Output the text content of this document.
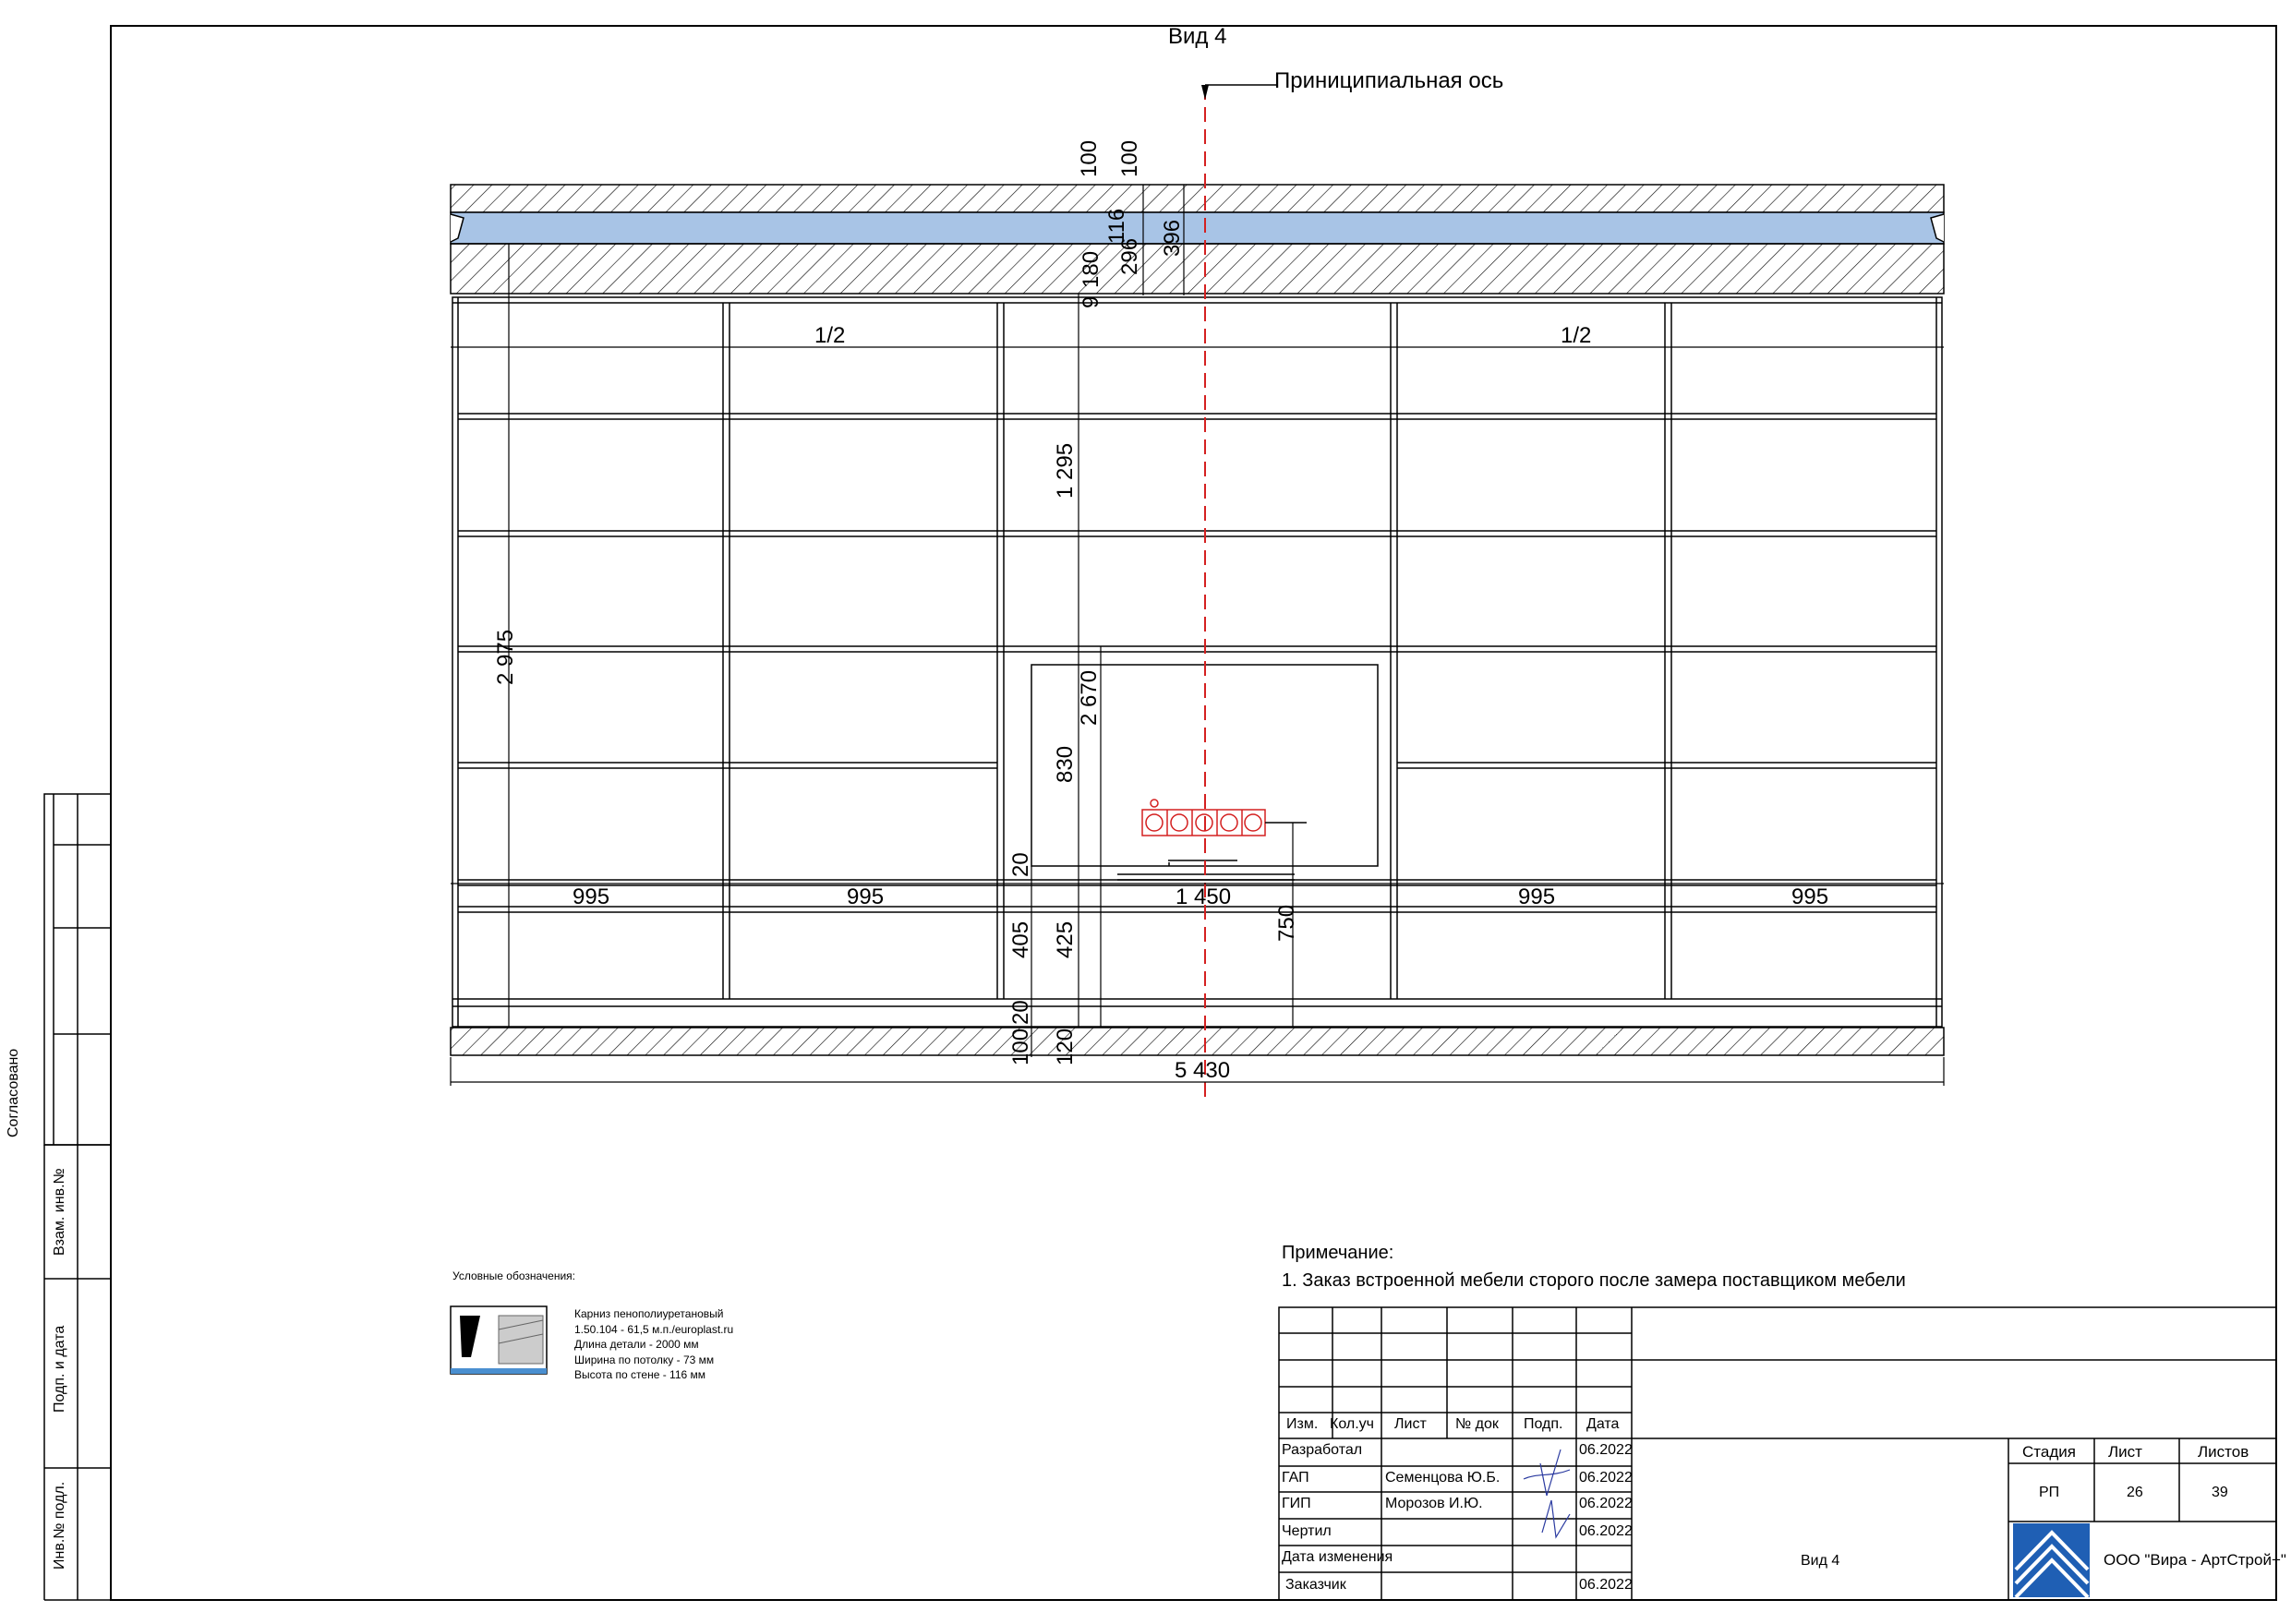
Вид 4
Приниципиальная ось
1/2	1/2
995	995	1 450	995	995
5 430
100 100
116
296 396
180
9
1 295
2 975
2 670
830
20
405 425	750
20
100 120
Условные обозначения:
Карниз пенополиуретановый
1.50.104 - 61,5 м.п./europlast.ru
Длина детали - 2000 мм
Ширина по потолку - 73 мм
Высота по стене - 116 мм
Примечание:
1. Заказ встроенной мебели сторого после замера поставщиком мебели
Согласовано
Взам. инв.№
Подп. и дата
Инв.№ подл.
Изм. Кол.уч Лист № док Подп. Дата
Разработал	06.2022
ГАП	Семенцова Ю.Б.	06.2022
ГИП	Морозов И.Ю.	06.2022
Чертил	06.2022
Дата изменения
Заказчик	06.2022
Стадия Лист	Листов
РП	26	39
Вид 4	ООО "Вира - АртСтрой+"
